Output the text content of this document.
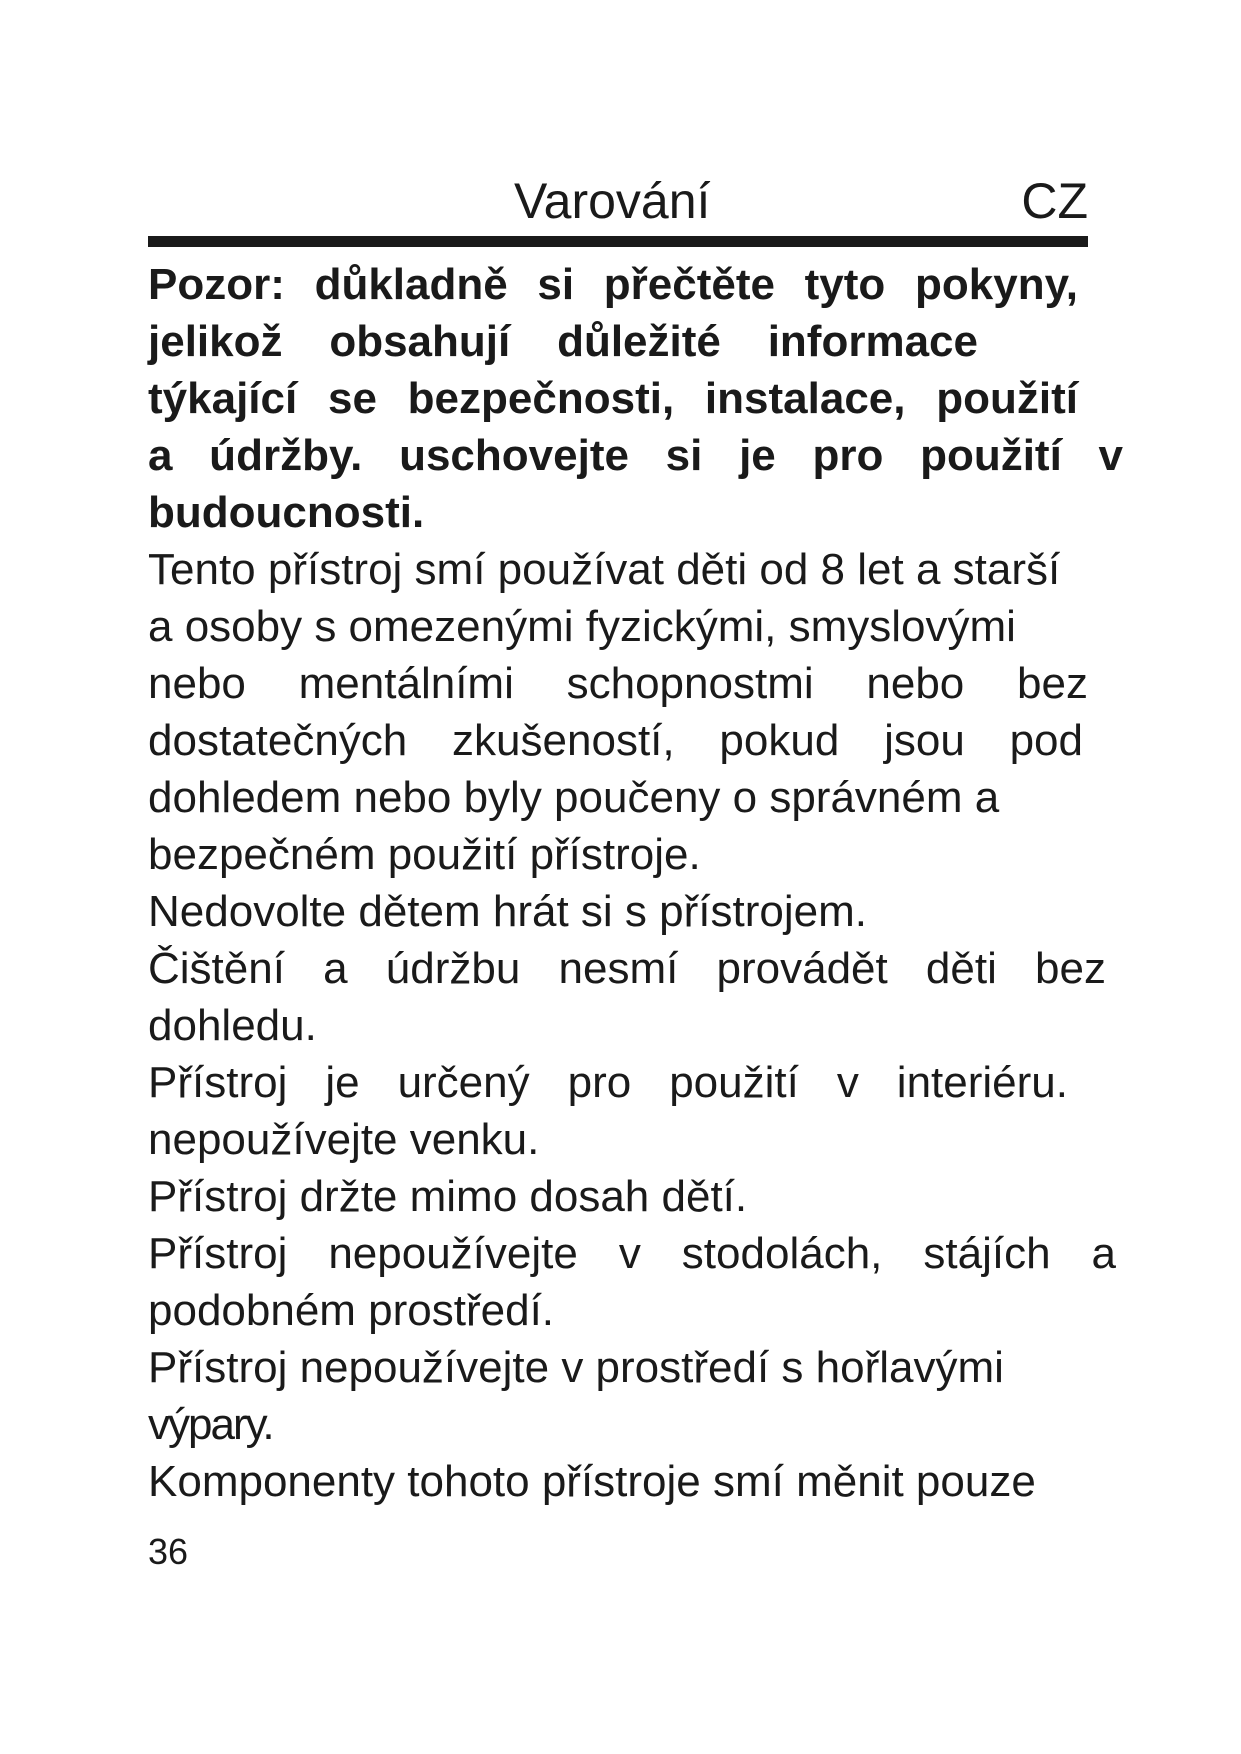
Varování	CZ
Pozor: důkladně si přečtěte tyto pokyny,
jelikož obsahují důležité informace
týkající se bezpečnosti, instalace, použití
a údržby. uschovejte si je pro použití v
budoucnosti.
Tento přístroj smí používat děti od 8 let a starší
a osoby s omezenými fyzickými, smyslovými
nebo mentálními schopnostmi nebo bez
dostatečných zkušeností, pokud jsou pod
dohledem nebo byly poučeny o správném a
bezpečném použití přístroje.
Nedovolte dětem hrát si s přístrojem.
Čištění a údržbu nesmí provádět děti bez
dohledu.
Přístroj je určený pro použití v interiéru.
nepoužívejte venku.
Přístroj držte mimo dosah dětí.
Přístroj nepoužívejte v stodolách, stájích a
podobném prostředí.
Přístroj nepoužívejte v prostředí s hořlavými
výpary.
Komponenty tohoto přístroje smí měnit pouze
36
